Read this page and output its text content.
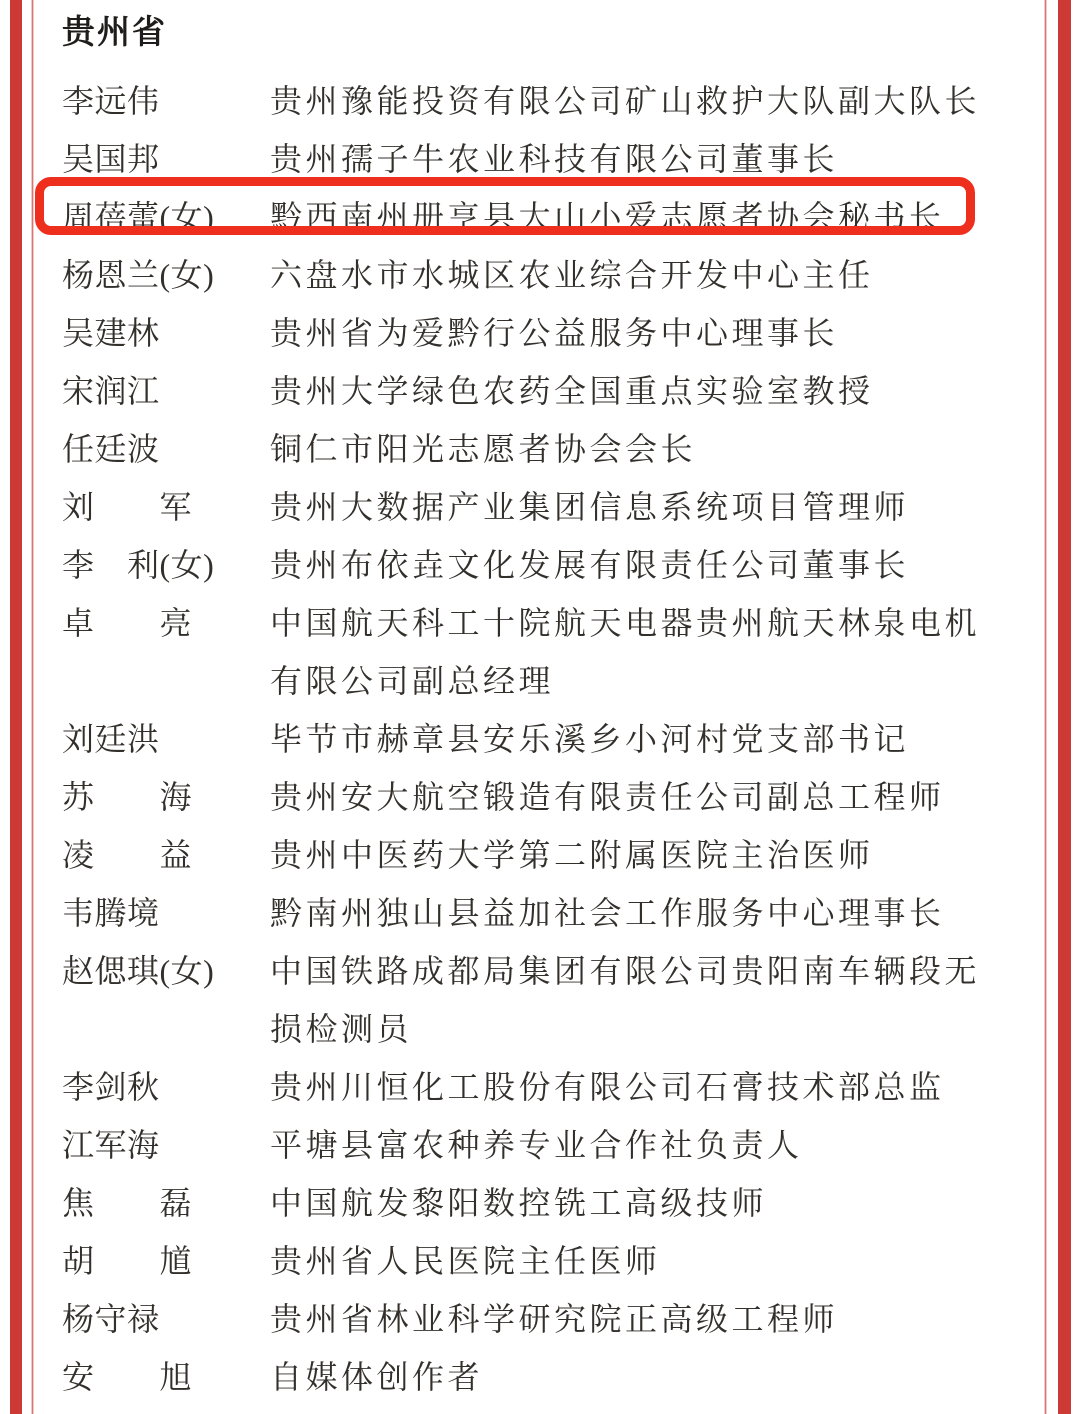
贵州省
李远伟	贵州豫能投资有限公司矿山救护大队副大队长
吴国邦	贵州孺子牛农业科技有限公司董事长
周蓓蕾(女)	黔西南州册亨县大山小爱志愿者协会秘书长
杨恩兰(女)	六盘水市水城区农业综合开发中心主任
吴建林	贵州省为爱黔行公益服务中心理事长
宋润江	贵州大学绿色农药全国重点实验室教授
任廷波	铜仁市阳光志愿者协会会长
刘　　军	贵州大数据产业集团信息系统项目管理师
李　利(女)	贵州布依垚文化发展有限责任公司董事长
卓　　亮	中国航天科工十院航天电器贵州航天林泉电机有限公司副总经理
刘廷洪	毕节市赫章县安乐溪乡小河村党支部书记
苏　　海	贵州安大航空锻造有限责任公司副总工程师
凌　　益	贵州中医药大学第二附属医院主治医师
韦腾境	黔南州独山县益加社会工作服务中心理事长
赵偲琪(女)	中国铁路成都局集团有限公司贵阳南车辆段无损检测员
李剑秋	贵州川恒化工股份有限公司石膏技术部总监
江军海	平塘县富农种养专业合作社负责人
焦　　磊	中国航发黎阳数控铣工高级技师
胡　　馗	贵州省人民医院主任医师
杨守禄	贵州省林业科学研究院正高级工程师
安　　旭	自媒体创作者
